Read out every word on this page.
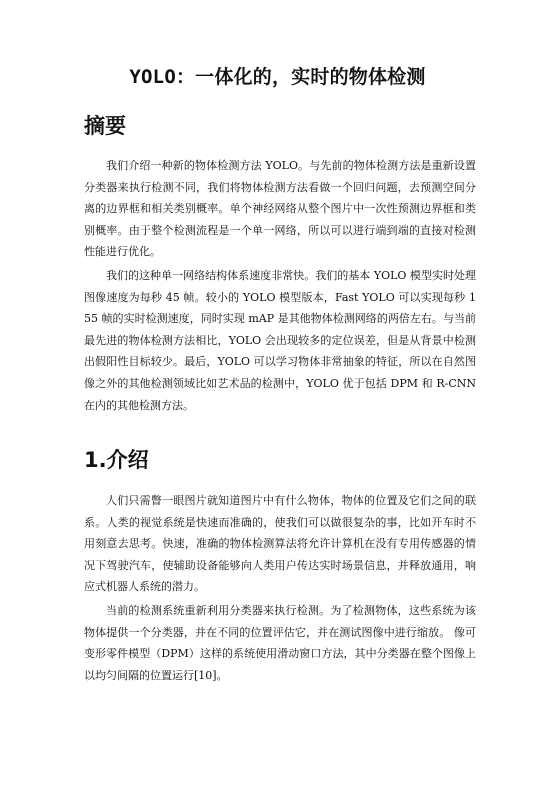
YOLO：一体化的，实时的物体检测
摘要

我们介绍一种新的物体检测方法 YOLO。与先前的物体检测方法是重新设置分类器来执行检测不同，我们将物体检测方法看做一个回归问题，去预测空间分离的边界框和相关类别概率。单个神经网络从整个图片中一次性预测边界框和类别概率。由于整个检测流程是一个单一网络，所以可以进行端到端的直接对检测性能进行优化。

我们的这种单一网络结构体系速度非常快。我们的基本 YOLO 模型实时处理图像速度为每秒 45 帧。较小的 YOLO 模型版本，Fast YOLO 可以实现每秒 155 帧的实时检测速度，同时实现 mAP 是其他物体检测网络的两倍左右。与当前最先进的物体检测方法相比，YOLO 会出现较多的定位误差，但是从背景中检测出假阳性目标较少。最后，YOLO 可以学习物体非常抽象的特征，所以在自然图像之外的其他检测领域比如艺术品的检测中，YOLO 优于包括 DPM 和 R-CNN 在内的其他检测方法。

1.介绍

人们只需瞥一眼图片就知道图片中有什么物体，物体的位置及它们之间的联系。人类的视觉系统是快速而准确的，使我们可以做很复杂的事，比如开车时不用刻意去思考。快速，准确的物体检测算法将允许计算机在没有专用传感器的情况下驾驶汽车，使辅助设备能够向人类用户传达实时场景信息，并释放通用，响应式机器人系统的潜力。

当前的检测系统重新利用分类器来执行检测。为了检测物体，这些系统为该物体提供一个分类器，并在不同的位置评估它，并在测试图像中进行缩放。 像可变形零件模型（DPM）这样的系统使用滑动窗口方法，其中分类器在整个图像上以均匀间隔的位置运行[10]。
